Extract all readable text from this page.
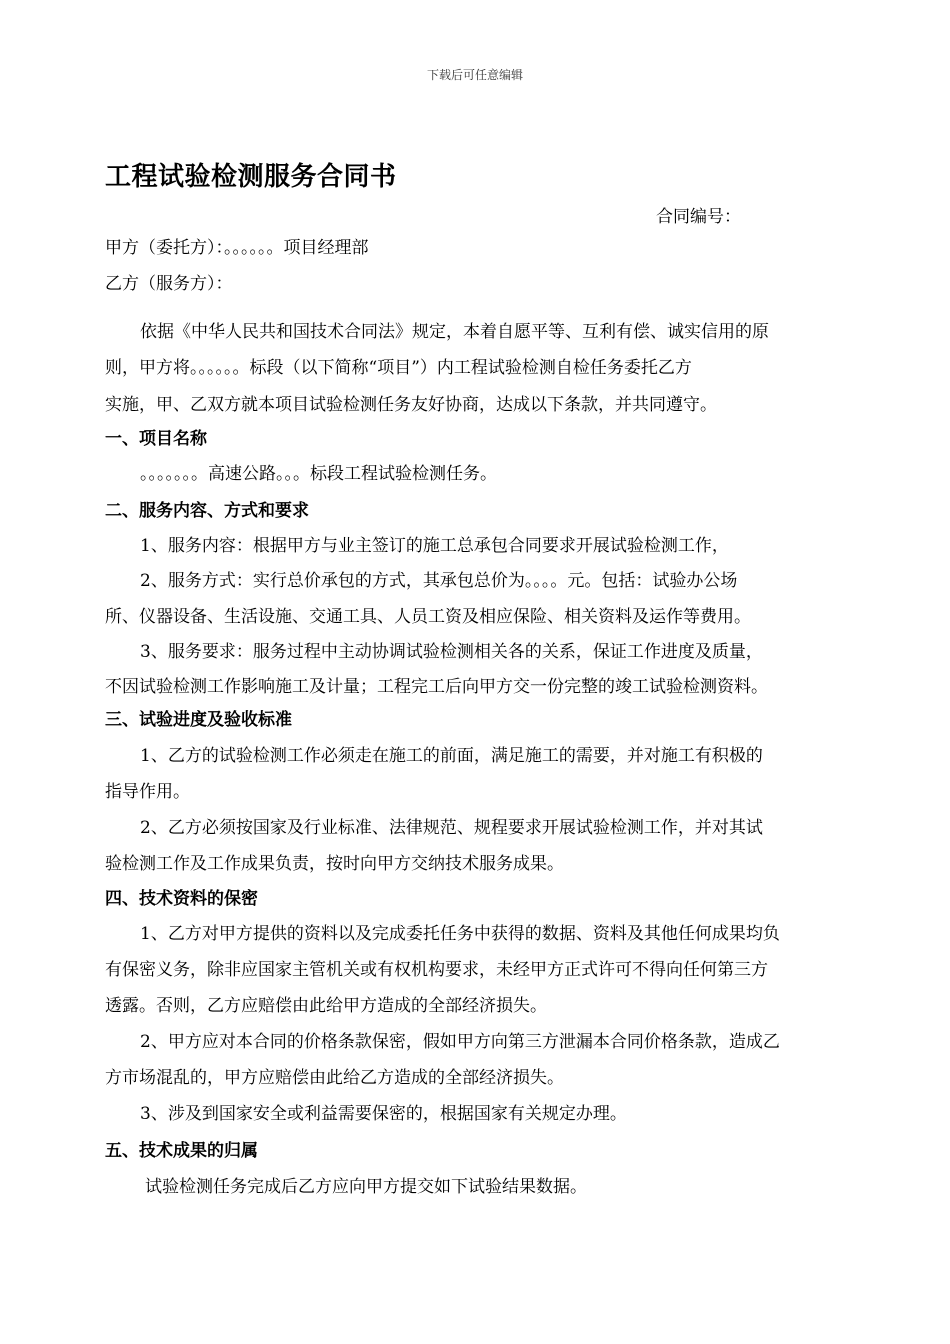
下载后可任意编辑
工程试验检测服务合同书
合同编号：
甲方（委托方）：。。。。。。项目经理部
乙方（服务方）：
依据《中华人民共和国技术合同法》规定，本着自愿平等、互利有偿、诚实信用的原
则，甲方将。。。。。。标段（以下简称“项目”）内工程试验检测自检任务委托乙方
实施，甲、乙双方就本项目试验检测任务友好协商，达成以下条款，并共同遵守。
一、项目名称
。。。。。。。高速公路。。。标段工程试验检测任务。
二、服务内容、方式和要求
1、服务内容：根据甲方与业主签订的施工总承包合同要求开展试验检测工作，
2、服务方式：实行总价承包的方式，其承包总价为。。。。元。包括：试验办公场
所、仪器设备、生活设施、交通工具、人员工资及相应保险、相关资料及运作等费用。
3、服务要求：服务过程中主动协调试验检测相关各的关系，保证工作进度及质量，
不因试验检测工作影响施工及计量；工程完工后向甲方交一份完整的竣工试验检测资料。
三、试验进度及验收标准
1、乙方的试验检测工作必须走在施工的前面，满足施工的需要，并对施工有积极的
指导作用。
2、乙方必须按国家及行业标准、法律规范、规程要求开展试验检测工作，并对其试
验检测工作及工作成果负责，按时向甲方交纳技术服务成果。
四、技术资料的保密
1、乙方对甲方提供的资料以及完成委托任务中获得的数据、资料及其他任何成果均负
有保密义务，除非应国家主管机关或有权机构要求，未经甲方正式许可不得向任何第三方
透露。否则，乙方应赔偿由此给甲方造成的全部经济损失。
2、甲方应对本合同的价格条款保密，假如甲方向第三方泄漏本合同价格条款，造成乙
方市场混乱的，甲方应赔偿由此给乙方造成的全部经济损失。
3、涉及到国家安全或利益需要保密的，根据国家有关规定办理。
五、技术成果的归属
试验检测任务完成后乙方应向甲方提交如下试验结果数据。
